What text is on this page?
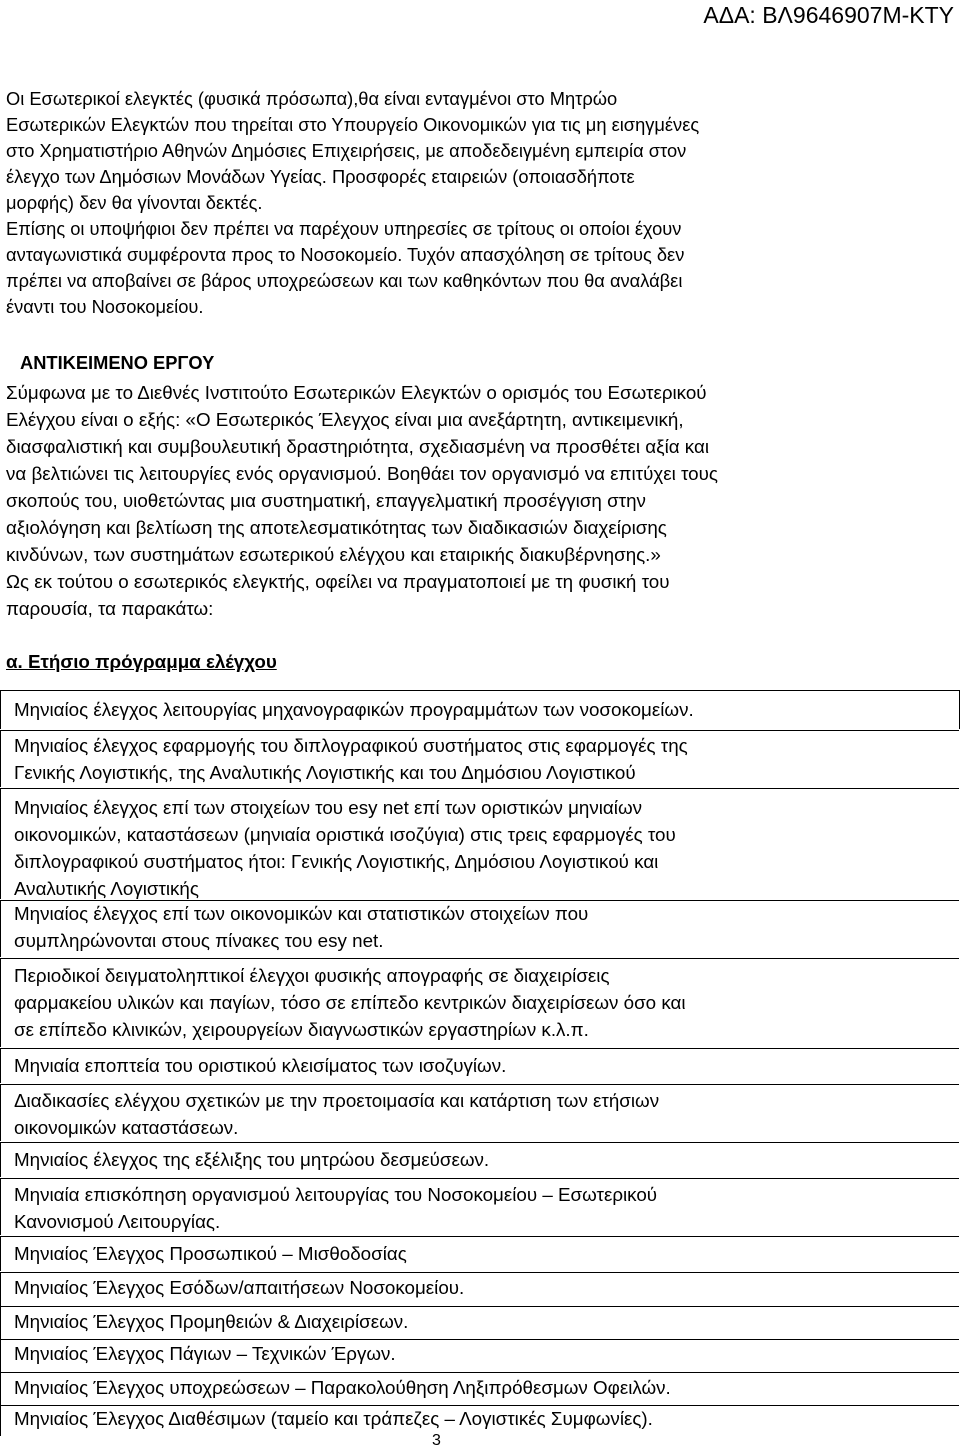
ΑΔΑ: ΒΛ9646907Μ-ΚΤΥ

Οι Εσωτερικοί ελεγκτές (φυσικά πρόσωπα),θα είναι ενταγμένοι στο Μητρώο

Εσωτερικών Ελεγκτών που τηρείται στο Υπουργείο Οικονομικών για τις μη εισηγμένες

στο Χρηματιστήριο Αθηνών Δημόσιες Επιχειρήσεις, με αποδεδειγμένη εμπειρία στον

έλεγχο των Δημόσιων Μονάδων Υγείας. Προσφορές εταιρειών (οποιασδήποτε

μορφής) δεν θα γίνονται δεκτές.

Επίσης οι υποψήφιοι δεν πρέπει να παρέχουν υπηρεσίες σε τρίτους οι οποίοι έχουν

ανταγωνιστικά συμφέροντα προς το Νοσοκομείο. Τυχόν απασχόληση σε τρίτους δεν

πρέπει να αποβαίνει σε βάρος υποχρεώσεων και των καθηκόντων που θα αναλάβει

έναντι του Νοσοκομείου.

ΑΝΤΙΚΕΙΜΕΝΟ ΕΡΓΟΥ

Σύμφωνα με το Διεθνές Ινστιτούτο Εσωτερικών Ελεγκτών ο ορισμός του Εσωτερικού

Ελέγχου είναι ο εξής: «Ο Εσωτερικός Έλεγχος είναι μια ανεξάρτητη, αντικειμενική,

διασφαλιστική και συμβουλευτική δραστηριότητα, σχεδιασμένη να προσθέτει αξία και

να βελτιώνει τις λειτουργίες ενός οργανισμού. Βοηθάει τον οργανισμό να επιτύχει τους

σκοπούς του, υιοθετώντας μια συστηματική, επαγγελματική προσέγγιση στην

αξιολόγηση και βελτίωση της αποτελεσματικότητας των διαδικασιών διαχείρισης

κινδύνων, των συστημάτων εσωτερικού ελέγχου και εταιρικής διακυβέρνησης.»

Ως εκ τούτου ο εσωτερικός ελεγκτής, οφείλει να πραγματοποιεί με τη φυσική του

παρουσία, τα παρακάτω:

α. Ετήσιο πρόγραμμα ελέγχου
Μηνιαίος έλεγχος λειτουργίας μηχανογραφικών προγραμμάτων των νοσοκομείων.
Μηνιαίος έλεγχος εφαρμογής του διπλογραφικού συστήματος στις εφαρμογές της
Γενικής Λογιστικής, της Αναλυτικής Λογιστικής και του Δημόσιου Λογιστικού
Μηνιαίος έλεγχος επί των στοιχείων του esy net επί των οριστικών μηνιαίων
οικονομικών, καταστάσεων (μηνιαία οριστικά ισοζύγια) στις τρεις εφαρμογές του
διπλογραφικού συστήματος ήτοι: Γενικής Λογιστικής, Δημόσιου Λογιστικού και
Αναλυτικής Λογιστικής
Μηνιαίος έλεγχος επί των οικονομικών και στατιστικών στοιχείων που
συμπληρώνονται στους πίνακες του esy net.
Περιοδικοί δειγματοληπτικοί έλεγχοι φυσικής απογραφής σε διαχειρίσεις
φαρμακείου υλικών και παγίων, τόσο σε επίπεδο κεντρικών διαχειρίσεων όσο και
σε επίπεδο κλινικών, χειρουργείων διαγνωστικών εργαστηρίων κ.λ.π.
Μηνιαία εποπτεία του οριστικού κλεισίματος των ισοζυγίων.
Διαδικασίες ελέγχου σχετικών με την προετοιμασία και κατάρτιση των ετήσιων
οικονομικών καταστάσεων.
Μηνιαίος έλεγχος της εξέλιξης του μητρώου δεσμεύσεων.
Μηνιαία επισκόπηση οργανισμού λειτουργίας του Νοσοκομείου – Εσωτερικού
Κανονισμού Λειτουργίας.
Μηνιαίος Έλεγχος Προσωπικού – Μισθοδοσίας
Μηνιαίος Έλεγχος Εσόδων/απαιτήσεων Νοσοκομείου.
Μηνιαίος Έλεγχος Προμηθειών & Διαχειρίσεων.
Μηνιαίος Έλεγχος Πάγιων – Τεχνικών Έργων.
Μηνιαίος Έλεγχος υποχρεώσεων – Παρακολούθηση Ληξιπρόθεσμων Οφειλών.
Μηνιαίος Έλεγχος Διαθέσιμων (ταμείο και τράπεζες – Λογιστικές Συμφωνίες).
3
